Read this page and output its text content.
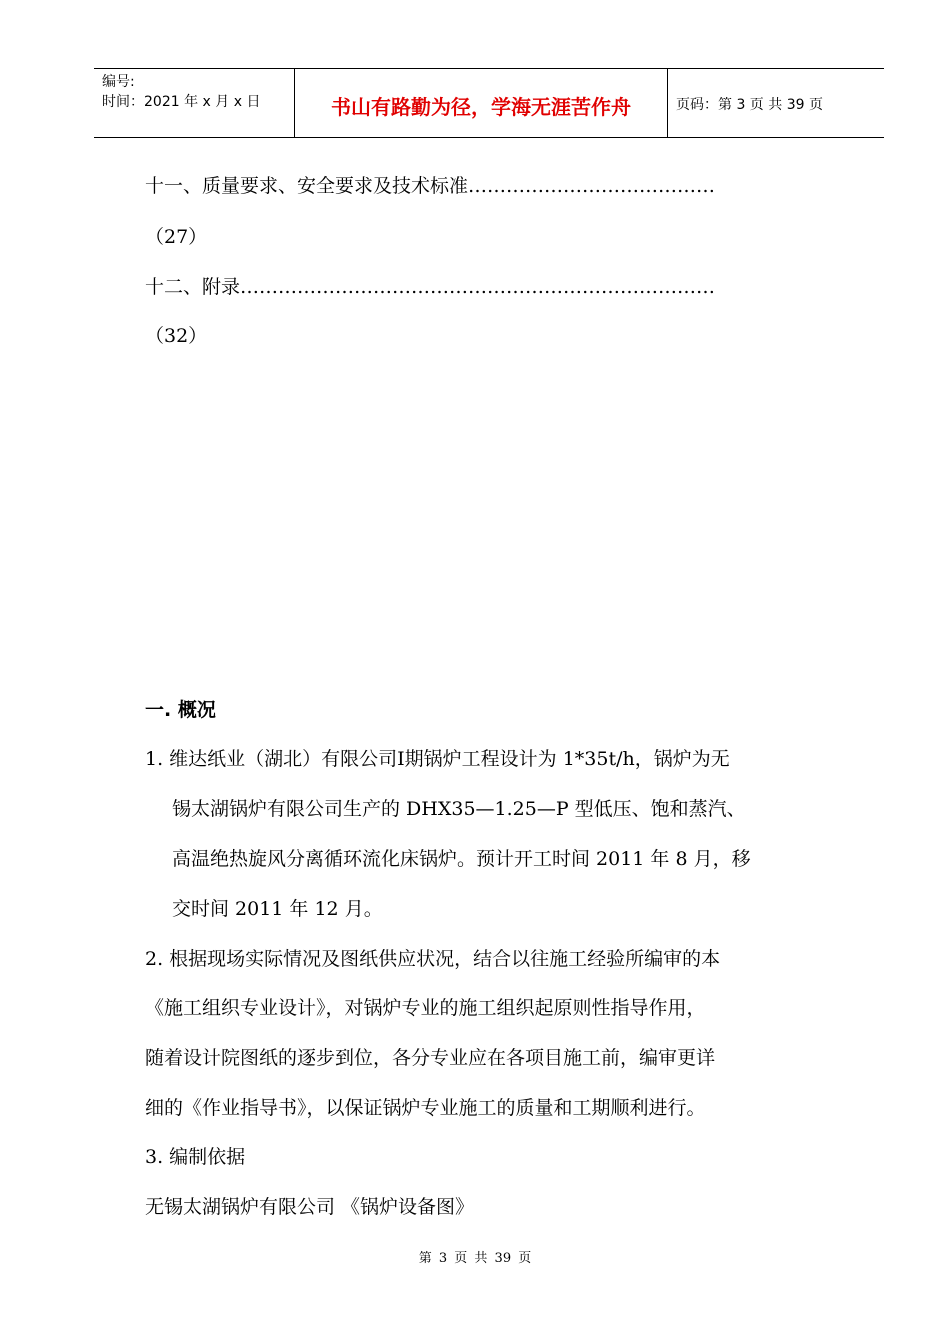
编号:
时间：2021 年 x 月 x 日	书山有路勤为径，学海无涯苦作舟	页码：第 3 页 共 39 页
十一、质量要求、安全要求及技术标准…………………………………
（27）
十二、附录…………………………………………………………………
（32）
一. 概况
1. 维达纸业（湖北）有限公司Ⅰ期锅炉工程设计为 1*35t/h，锅炉为无
锡太湖锅炉有限公司生产的 DHX35—1.25—P 型低压、饱和蒸汽、
高温绝热旋风分离循环流化床锅炉。预计开工时间 2011 年 8 月，移
交时间 2011 年 12 月。
2. 根据现场实际情况及图纸供应状况，结合以往施工经验所编审的本
《施工组织专业设计》，对锅炉专业的施工组织起原则性指导作用，
随着设计院图纸的逐步到位，各分专业应在各项目施工前，编审更详
细的《作业指导书》，以保证锅炉专业施工的质量和工期顺利进行。
3. 编制依据
无锡太湖锅炉有限公司 《锅炉设备图》
第 3 页 共 39 页
